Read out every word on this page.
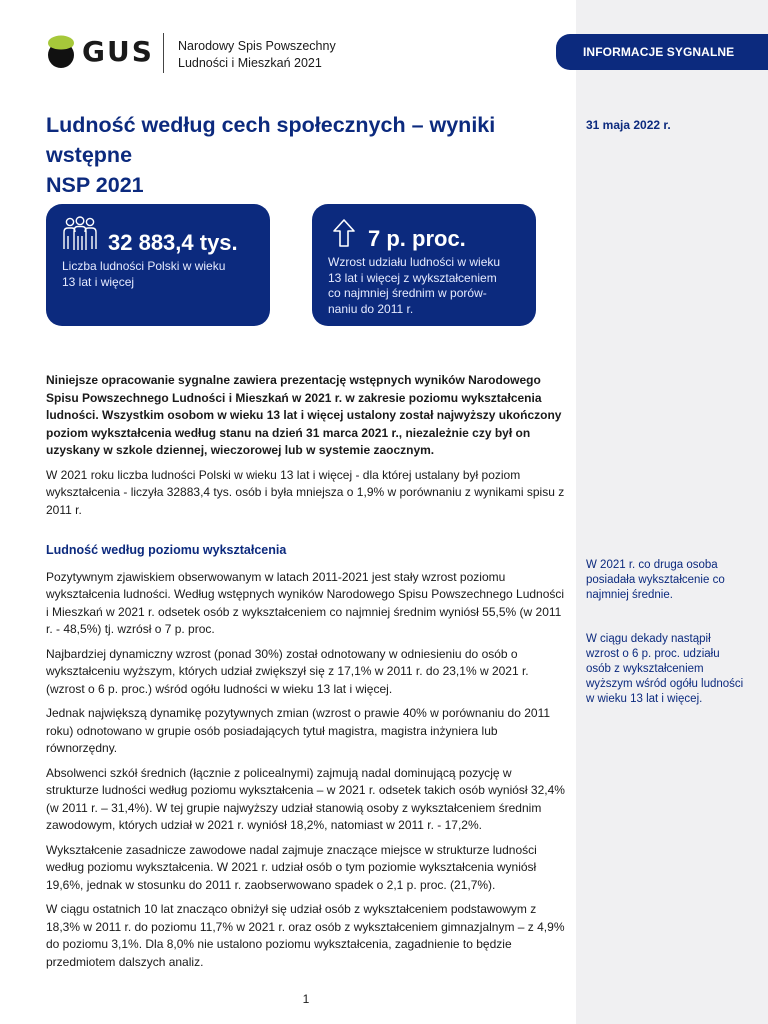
GUS Narodowy Spis Powszechny
Ludności i Mieszkań 2021
INFORMACJE SYGNALNE
Ludność według cech społecznych – wyniki wstępne
NSP 2021
31 maja 2022 r.
32 883,4 tys.
Liczba ludności Polski w wieku
13 lat i więcej
7 p. proc.
Wzrost udziału ludności w wieku
13 lat i więcej z wykształceniem
co najmniej średnim w porów-
naniu do 2011 r.

Niniejsze opracowanie sygnalne zawiera prezentację wstępnych wyników Narodowego Spisu Powszechnego Ludności i Mieszkań w 2021 r. w zakresie poziomu wykształcenia ludności. Wszystkim osobom w wieku 13 lat i więcej ustalony został najwyższy ukończony poziom wykształcenia według stanu na dzień 31 marca 2021 r., niezależnie czy był on uzyskany w szkole dziennej, wieczorowej lub w systemie zaocznym.

W 2021 roku liczba ludności Polski w wieku 13 lat i więcej - dla której ustalany był poziom wykształcenia - liczyła 32883,4 tys. osób i była mniejsza o 1,9% w porównaniu z wynikami spisu z 2011 r.

Ludność według poziomu wykształcenia

Pozytywnym zjawiskiem obserwowanym w latach 2011-2021 jest stały wzrost poziomu wykształcenia ludności. Według wstępnych wyników Narodowego Spisu Powszechnego Ludności i Mieszkań w 2021 r. odsetek osób z wykształceniem co najmniej średnim wyniósł 55,5% (w 2011 r. - 48,5%) tj. wzrósł o 7 p. proc.

Najbardziej dynamiczny wzrost (ponad 30%) został odnotowany w odniesieniu do osób o wykształceniu wyższym, których udział zwiększył się z 17,1% w 2011 r. do 23,1% w 2021 r. (wzrost o 6 p. proc.) wśród ogółu ludności w wieku 13 lat i więcej.

Jednak największą dynamikę pozytywnych zmian (wzrost o prawie 40% w porównaniu do 2011 roku) odnotowano w grupie osób posiadających tytuł magistra, magistra inżyniera lub równorzędny.

Absolwenci szkół średnich (łącznie z policealnymi) zajmują nadal dominującą pozycję w strukturze ludności według poziomu wykształcenia – w 2021 r. odsetek takich osób wyniósł 32,4% (w 2011 r. – 31,4%). W tej grupie najwyższy udział stanowią osoby z wykształceniem średnim zawodowym, których udział w 2021 r. wyniósł 18,2%, natomiast w 2011 r. - 17,2%.

Wykształcenie zasadnicze zawodowe nadal zajmuje znaczące miejsce w strukturze ludności według poziomu wykształcenia. W 2021 r. udział osób o tym poziomie wykształcenia wyniósł 19,6%, jednak w stosunku do 2011 r. zaobserwowano spadek o 2,1 p. proc. (21,7%).

W ciągu ostatnich 10 lat znacząco obniżył się udział osób z wykształceniem podstawowym z 18,3% w 2011 r. do poziomu 11,7% w 2021 r. oraz osób z wykształceniem gimnazjalnym – z 4,9% do poziomu 3,1%. Dla 8,0% nie ustalono poziomu wykształcenia, zagadnienie to będzie przedmiotem dalszych analiz.

W 2021 r. co druga osoba posiadała wykształcenie co najmniej średnie.
W ciągu dekady nastąpił wzrost o 6 p. proc. udziału osób z wykształceniem wyższym wśród ogółu ludności w wieku 13 lat i więcej.
1
